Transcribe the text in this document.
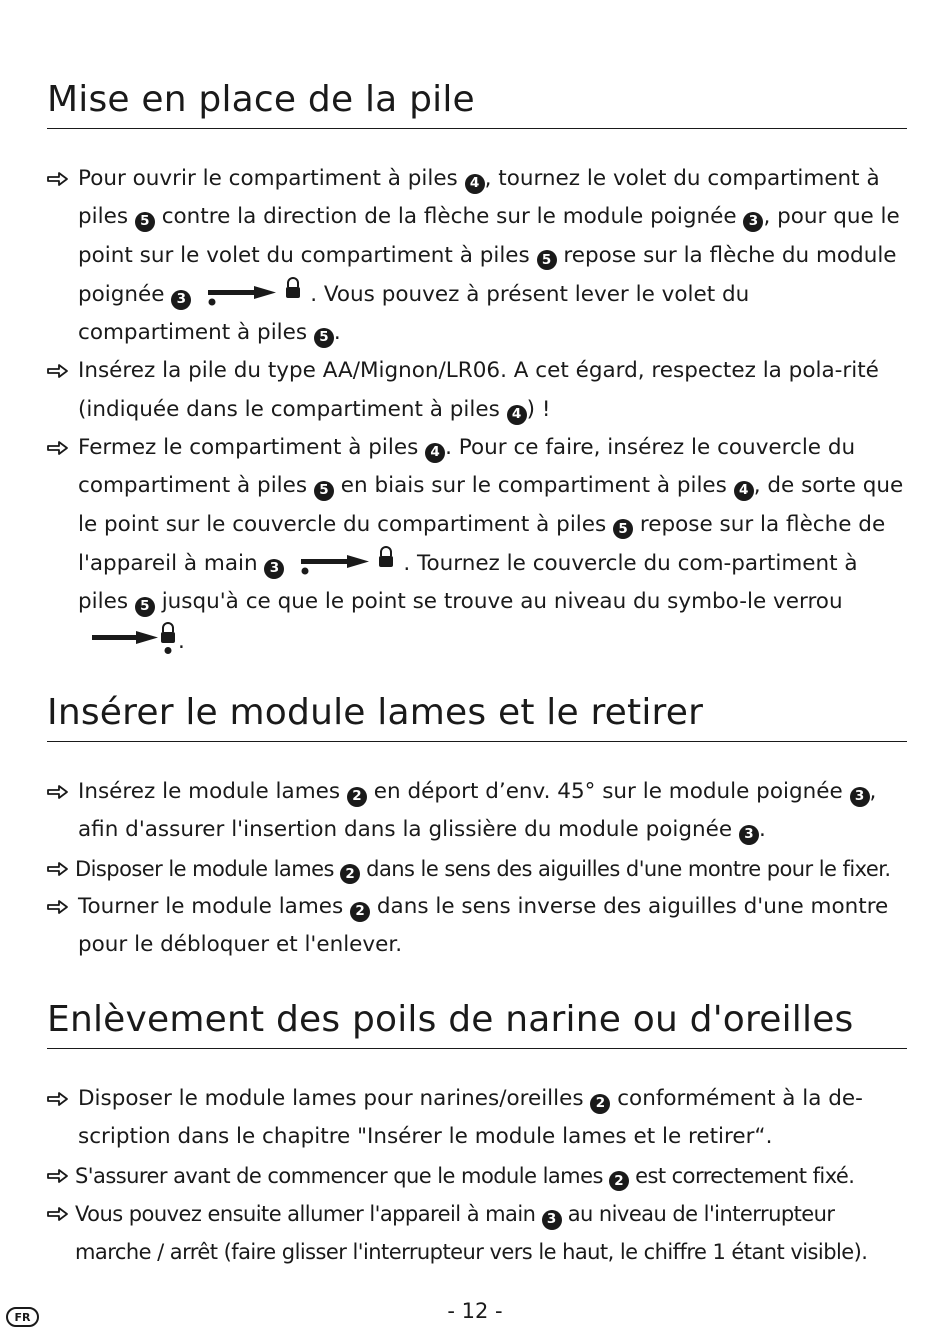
Mise en place de la pile
Pour ouvrir le compartiment à piles 4 , tournez le volet du compartiment à piles 5 contre la direction de la flèche sur le module poignée 3 , pour que le point sur le volet du compartiment à piles 5 repose sur la flèche du module poignée 3	. Vous pouvez à présent lever le volet du compartiment à piles 5 .
Insérez la pile du type AA/Mignon/LR06. A cet égard, respectez la pola-rité (indiquée dans le compartiment à piles 4 ) !
Fermez le compartiment à piles 4 . Pour ce faire, insérez le couvercle du compartiment à piles 5 en biais sur le compartiment à piles 4 , de sorte que le point sur le couvercle du compartiment à piles 5 repose sur la flèche de l'appareil à main 3	. Tournez le couvercle du com-partiment à piles 5 jusqu'à ce que le point se trouve au niveau du symbo-le verrou .
Insérer le module lames et le retirer
Insérez le module lames 2 en déport d’env. 45° sur le module poignée 3 , afin d'assurer l'insertion dans la glissière du module poignée 3 .
Disposer le module lames 2 dans le sens des aiguilles d'une montre pour le fixer.
Tourner le module lames 2 dans le sens inverse des aiguilles d'une montre pour le débloquer et l'enlever.
Enlèvement des poils de narine ou d'oreilles
Disposer le module lames pour narines/oreilles 2 conformément à la de-scription dans le chapitre "Insérer le module lames et le retirer“.
S'assurer avant de commencer que le module lames 2 est correctement fixé.
Vous pouvez ensuite allumer l'appareil à main 3 au niveau de l'interrupteur marche / arrêt (faire glisser l'interrupteur vers le haut, le chiffre 1 étant visible).
FR	- 12 -
